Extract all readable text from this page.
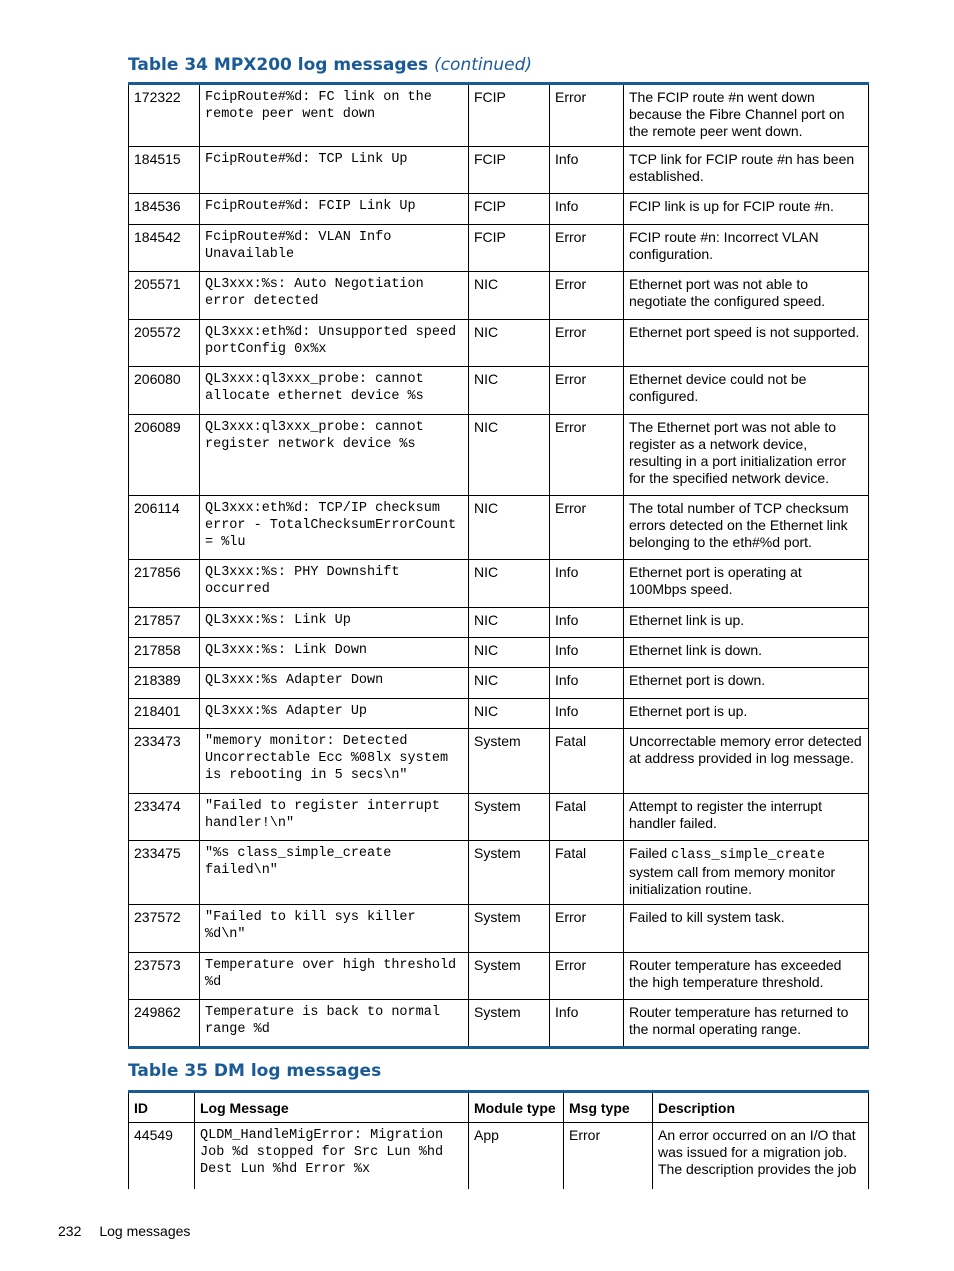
Table 34 MPX200 log messages (continued)
172322	FcipRoute#%d: FC link on the remote peer went down	FCIP	Error	The FCIP route #n went down because the Fibre Channel port on the remote peer went down.
184515	FcipRoute#%d: TCP Link Up	FCIP	Info	TCP link for FCIP route #n has been established.
184536	FcipRoute#%d: FCIP Link Up	FCIP	Info	FCIP link is up for FCIP route #n.
184542	FcipRoute#%d: VLAN Info Unavailable	FCIP	Error	FCIP route #n: Incorrect VLAN configuration.
205571	QL3xxx:%s: Auto Negotiation error detected	NIC	Error	Ethernet port was not able to negotiate the configured speed.
205572	QL3xxx:eth%d: Unsupported speed portConfig 0x%x	NIC	Error	Ethernet port speed is not supported.
206080	QL3xxx:ql3xxx_probe: cannot allocate ethernet device %s	NIC	Error	Ethernet device could not be configured.
206089	QL3xxx:ql3xxx_probe: cannot register network device %s	NIC	Error	The Ethernet port was not able to register as a network device, resulting in a port initialization error for the specified network device.
206114	QL3xxx:eth%d: TCP/IP checksum error - TotalChecksumErrorCount = %lu	NIC	Error	The total number of TCP checksum errors detected on the Ethernet link belonging to the eth#%d port.
217856	QL3xxx:%s: PHY Downshift occurred	NIC	Info	Ethernet port is operating at 100Mbps speed.
217857	QL3xxx:%s: Link Up	NIC	Info	Ethernet link is up.
217858	QL3xxx:%s: Link Down	NIC	Info	Ethernet link is down.
218389	QL3xxx:%s Adapter Down	NIC	Info	Ethernet port is down.
218401	QL3xxx:%s Adapter Up	NIC	Info	Ethernet port is up.
233473	"memory monitor: Detected Uncorrectable Ecc %08lx system is rebooting in 5 secs\n"	System	Fatal	Uncorrectable memory error detected at address provided in log message.
233474	"Failed to register interrupt handler!\n"	System	Fatal	Attempt to register the interrupt handler failed.
233475	"%s class_simple_create failed\n"	System	Fatal	Failed class_simple_create system call from memory monitor initialization routine.
237572	"Failed to kill sys killer %d\n"	System	Error	Failed to kill system task.
237573	Temperature over high threshold %d	System	Error	Router temperature has exceeded the high temperature threshold.
249862	Temperature is back to normal range %d	System	Info	Router temperature has returned to the normal operating range.
Table 35 DM log messages
ID	Log Message	Module type	Msg type	Description
44549	QLDM_HandleMigError: Migration Job %d stopped for Src Lun %hd Dest Lun %hd Error %x	App	Error	An error occurred on an I/O that was issued for a migration job. The description provides the job
232 Log messages
